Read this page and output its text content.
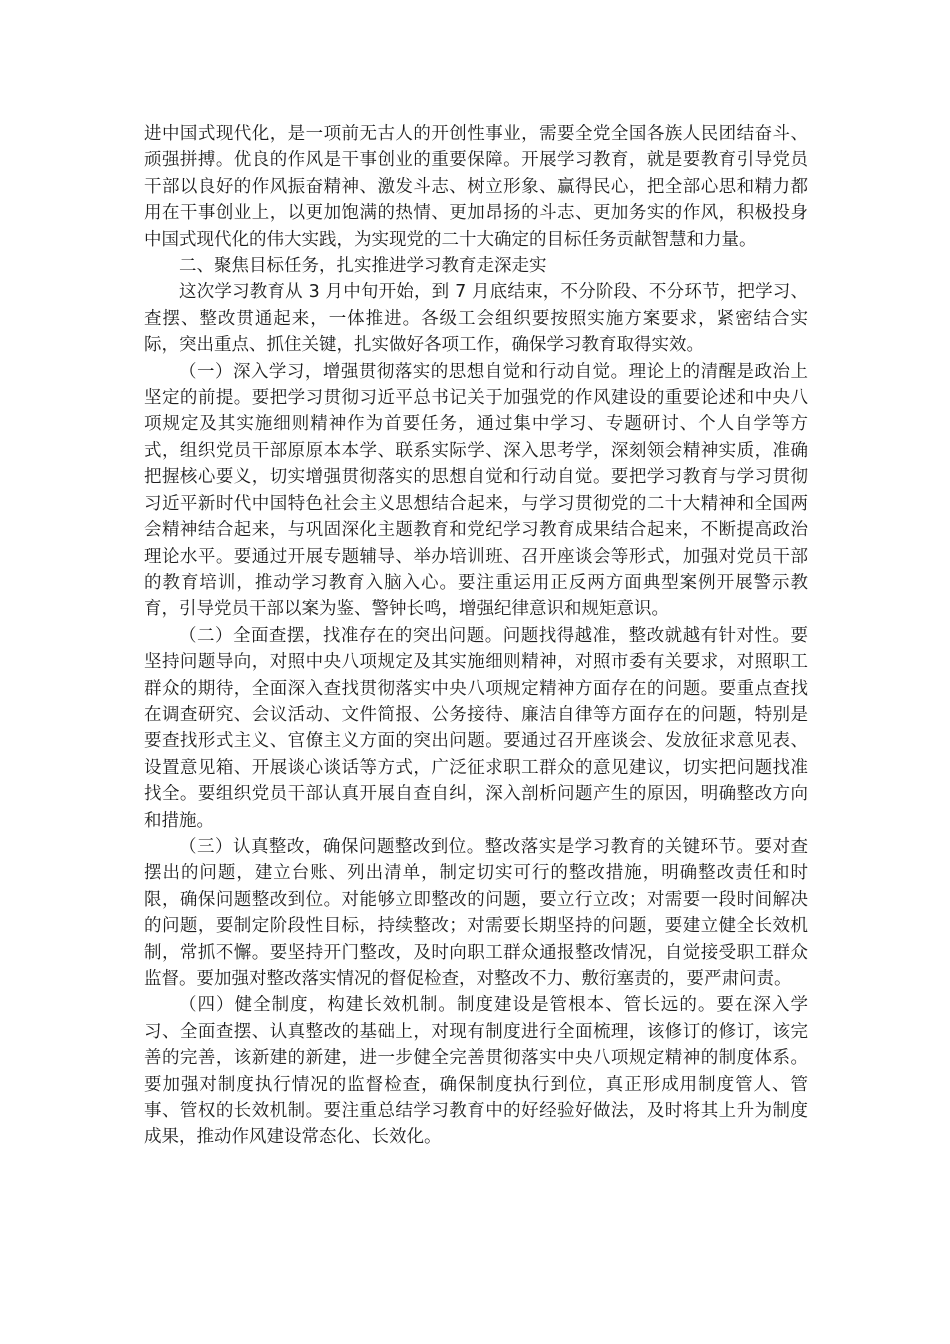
进中国式现代化，是一项前无古人的开创性事业，需要全党全国各族人民团结奋斗、顽强拼搏。优良的作风是干事创业的重要保障。开展学习教育，就是要教育引导党员干部以良好的作风振奋精神、激发斗志、树立形象、赢得民心，把全部心思和精力都用在干事创业上，以更加饱满的热情、更加昂扬的斗志、更加务实的作风，积极投身中国式现代化的伟大实践，为实现党的二十大确定的目标任务贡献智慧和力量。

二、聚焦目标任务，扎实推进学习教育走深走实

这次学习教育从 3 月中旬开始，到 7 月底结束，不分阶段、不分环节，把学习、查摆、整改贯通起来，一体推进。各级工会组织要按照实施方案要求，紧密结合实际，突出重点、抓住关键，扎实做好各项工作，确保学习教育取得实效。

（一）深入学习，增强贯彻落实的思想自觉和行动自觉。理论上的清醒是政治上坚定的前提。要把学习贯彻习近平总书记关于加强党的作风建设的重要论述和中央八项规定及其实施细则精神作为首要任务，通过集中学习、专题研讨、个人自学等方式，组织党员干部原原本本学、联系实际学、深入思考学，深刻领会精神实质，准确把握核心要义，切实增强贯彻落实的思想自觉和行动自觉。要把学习教育与学习贯彻习近平新时代中国特色社会主义思想结合起来，与学习贯彻党的二十大精神和全国两会精神结合起来，与巩固深化主题教育和党纪学习教育成果结合起来，不断提高政治理论水平。要通过开展专题辅导、举办培训班、召开座谈会等形式，加强对党员干部的教育培训，推动学习教育入脑入心。要注重运用正反两方面典型案例开展警示教育，引导党员干部以案为鉴、警钟长鸣，增强纪律意识和规矩意识。

（二）全面查摆，找准存在的突出问题。问题找得越准，整改就越有针对性。要坚持问题导向，对照中央八项规定及其实施细则精神，对照市委有关要求，对照职工群众的期待，全面深入查找贯彻落实中央八项规定精神方面存在的问题。要重点查找在调查研究、会议活动、文件简报、公务接待、廉洁自律等方面存在的问题，特别是要查找形式主义、官僚主义方面的突出问题。要通过召开座谈会、发放征求意见表、设置意见箱、开展谈心谈话等方式，广泛征求职工群众的意见建议，切实把问题找准找全。要组织党员干部认真开展自查自纠，深入剖析问题产生的原因，明确整改方向和措施。

（三）认真整改，确保问题整改到位。整改落实是学习教育的关键环节。要对查摆出的问题，建立台账、列出清单，制定切实可行的整改措施，明确整改责任和时限，确保问题整改到位。对能够立即整改的问题，要立行立改；对需要一段时间解决的问题，要制定阶段性目标，持续整改；对需要长期坚持的问题，要建立健全长效机制，常抓不懈。要坚持开门整改，及时向职工群众通报整改情况，自觉接受职工群众监督。要加强对整改落实情况的督促检查，对整改不力、敷衍塞责的，要严肃问责。

（四）健全制度，构建长效机制。制度建设是管根本、管长远的。要在深入学习、全面查摆、认真整改的基础上，对现有制度进行全面梳理，该修订的修订，该完善的完善，该新建的新建，进一步健全完善贯彻落实中央八项规定精神的制度体系。要加强对制度执行情况的监督检查，确保制度执行到位，真正形成用制度管人、管事、管权的长效机制。要注重总结学习教育中的好经验好做法，及时将其上升为制度成果，推动作风建设常态化、长效化。
